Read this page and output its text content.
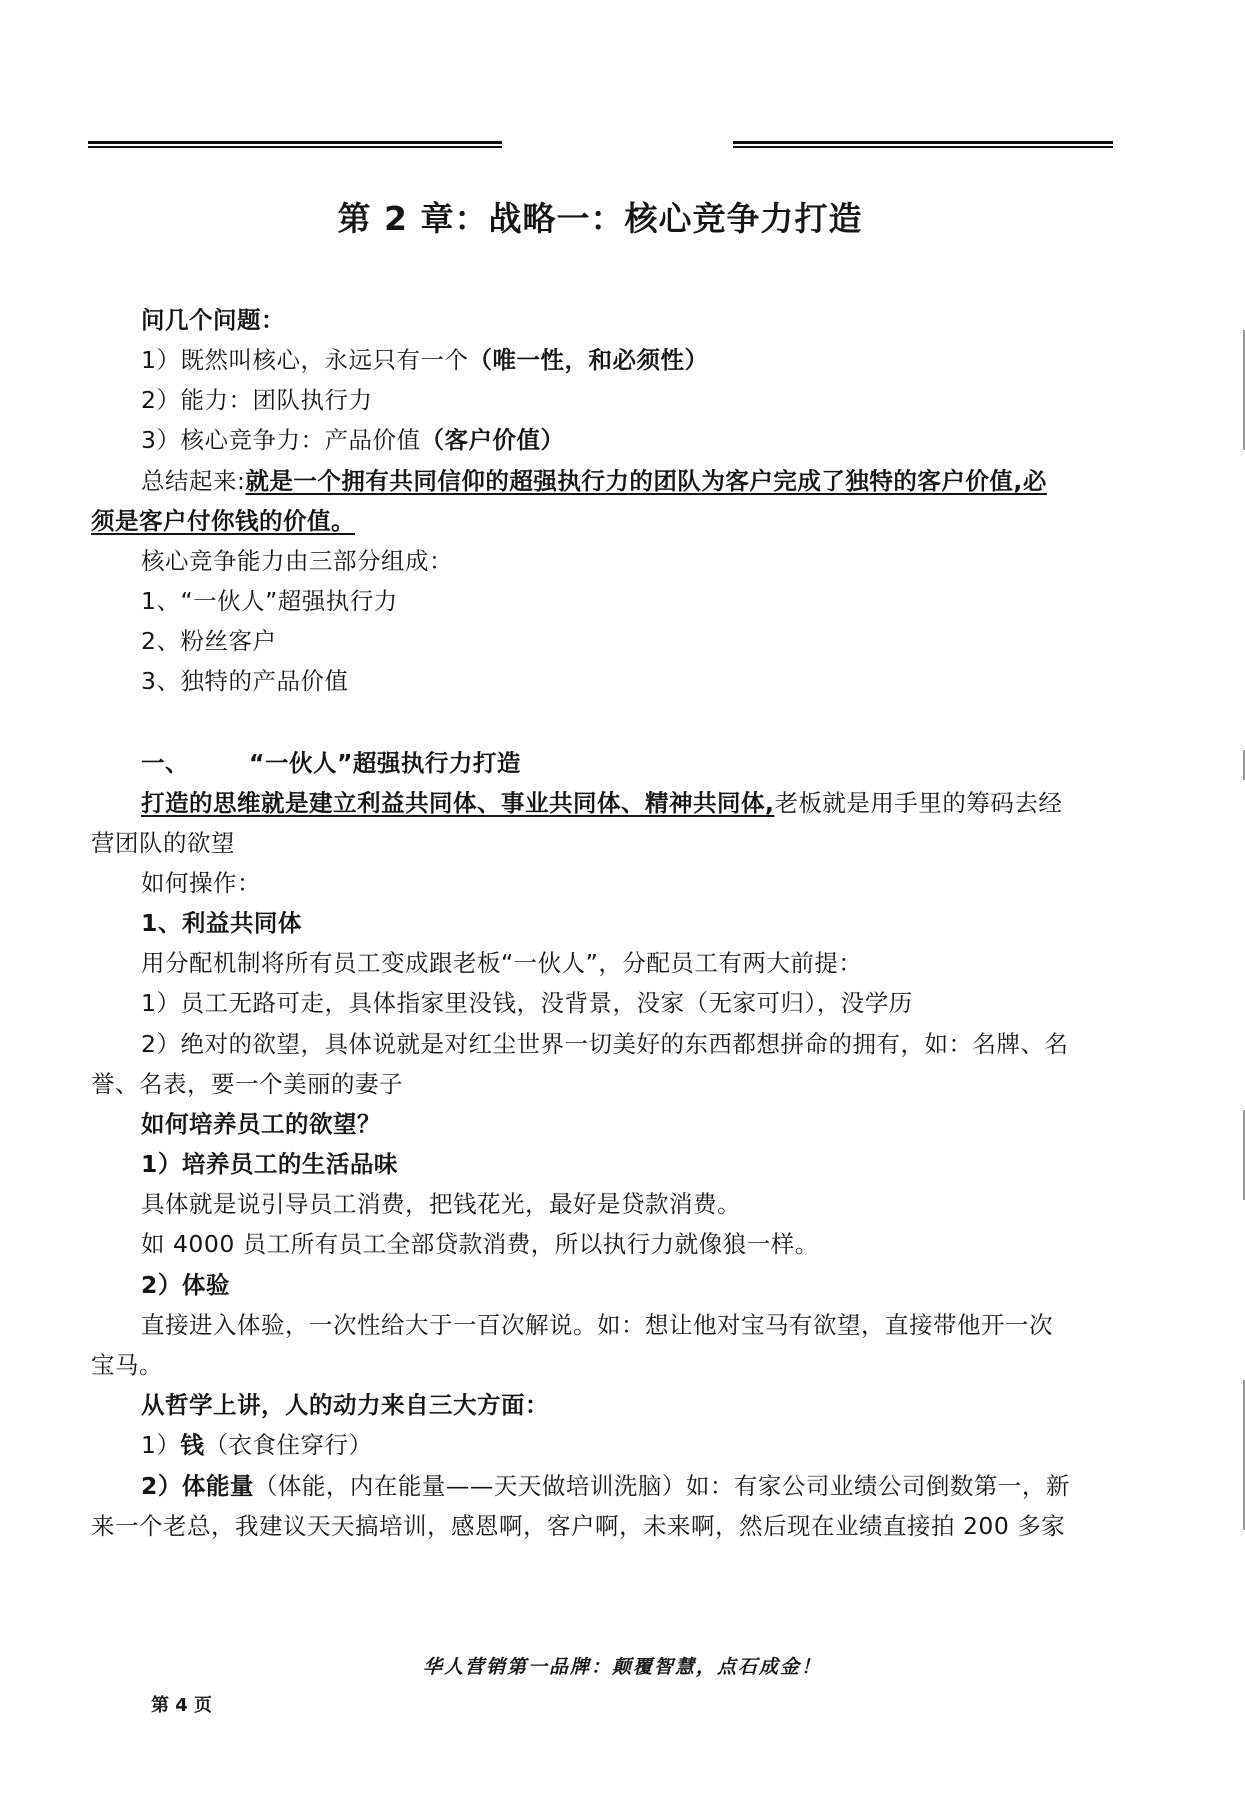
第 2 章：战略一：核心竞争力打造
问几个问题：
1）既然叫核心，永远只有一个（唯一性，和必须性）
2）能力：团队执行力
3）核心竞争力：产品价值（客户价值）
总结起来:就是一个拥有共同信仰的超强执行力的团队为客户完成了独特的客户价值,必
须是客户付你钱的价值。
核心竞争能力由三部分组成：
1、“一伙人”超强执行力
2、粉丝客户
3、独特的产品价值
一、	“一伙人”超强执行力打造
打造的思维就是建立利益共同体、事业共同体、精神共同体,老板就是用手里的筹码去经
营团队的欲望
如何操作：
1、利益共同体
用分配机制将所有员工变成跟老板“一伙人”，分配员工有两大前提：
1）员工无路可走，具体指家里没钱，没背景，没家（无家可归），没学历
2）绝对的欲望，具体说就是对红尘世界一切美好的东西都想拼命的拥有，如：名牌、名
誉、名表，要一个美丽的妻子
如何培养员工的欲望？
1）培养员工的生活品味
具体就是说引导员工消费，把钱花光，最好是贷款消费。
如 4000 员工所有员工全部贷款消费，所以执行力就像狼一样。
2）体验
直接进入体验，一次性给大于一百次解说。如：想让他对宝马有欲望，直接带他开一次
宝马。
从哲学上讲，人的动力来自三大方面：
1）钱（衣食住穿行）
2）体能量（体能，内在能量——天天做培训洗脑）如：有家公司业绩公司倒数第一，新
来一个老总，我建议天天搞培训，感恩啊，客户啊，未来啊，然后现在业绩直接拍 200 多家
华人营销第一品牌：颠覆智慧，点石成金！
第 4 页
